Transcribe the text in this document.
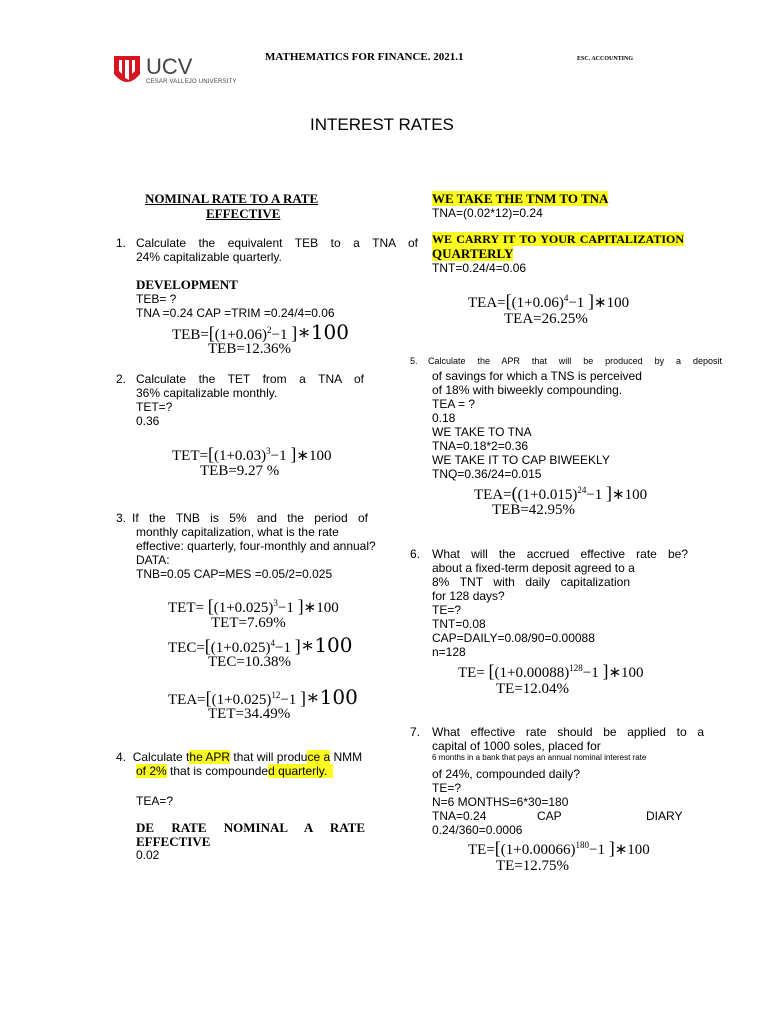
UCV
CESAR VALLEJO UNIVERSITY
MATHEMATICS FOR FINANCE. 2021.1	ESC. ACCOUNTING
INTEREST RATES
NOMINAL RATE TO A RATE
EFFECTIVE
1. Calculate the equivalent TEB to a TNA of
24% capitalizable quarterly.
DEVELOPMENT
TEB= ?
TNA =0.24 CAP =TRIM =0.24/4=0.06
$TEB=[(1+0.06)^2-1$ ]∗100
TEB=12.36%
2. Calculate the TET from a TNA of
36% capitalizable monthly.
TET=?
0.36
$TET=[(1+0.03)^3-1$ ]∗100
TEB=9.27 %
3. If the TNB is 5% and the period of
monthly capitalization, what is the rate
effective: quarterly, four-monthly and annual?
DATA:
TNB=0.05 CAP=MES =0.05/2=0.025
$TET= [(1+0.025)^3-1$ ]∗100
TET=7.69%
$TEC=[(1+0.025)^4-1$ ]∗100
TEC=10.38%
$TEA=[(1+0.025)^{12}-1$ ]∗100
TET=34.49%
4. Calculate the APR that will produce a NMM
of 2% that is compounded quarterly.
TEA=?
DE RATE NOMINAL A RATE
EFFECTIVE
0.02
WE TAKE THE TNM TO TNA
TNA=(0.02*12)=0.24
WE CARRY IT TO YOUR CAPITALIZATION
QUARTERLY
TNT=0.24/4=0.06
$TEA=[(1+0.06)^4-1$ ]∗100
TEA=26.25%
5. Calculate the APR that will be produced by a deposit
of savings for which a TNS is perceived
of 18% with biweekly compounding.
TEA = ?
0.18
WE TAKE TO TNA
TNA=0.18*2=0.36
WE TAKE IT TO CAP BIWEEKLY
TNQ=0.36/24=0.015
$TEA=((1+0.015)^{24}-1$ ]∗100
TEB=42.95%
6. What will the accrued effective rate be?
about a fixed-term deposit agreed to a
8% TNT with daily capitalization
for 128 days?
TE=?
TNT=0.08
CAP=DAILY=0.08/90=0.00088
n=128
$TE= [(1+0.00088)^{128}-1$ ]∗100
TE=12.04%
7. What effective rate should be applied to a
capital of 1000 soles, placed for
6 months in a bank that pays an annual nominal interest rate
of 24%, compounded daily?
TE=?
N=6 MONTHS=6*30=180
TNA=0.24	CAP	DIARY
0.24/360=0.0006
$TE=[(1+0.00066)^{180}-1$ ]∗100
TE=12.75%
